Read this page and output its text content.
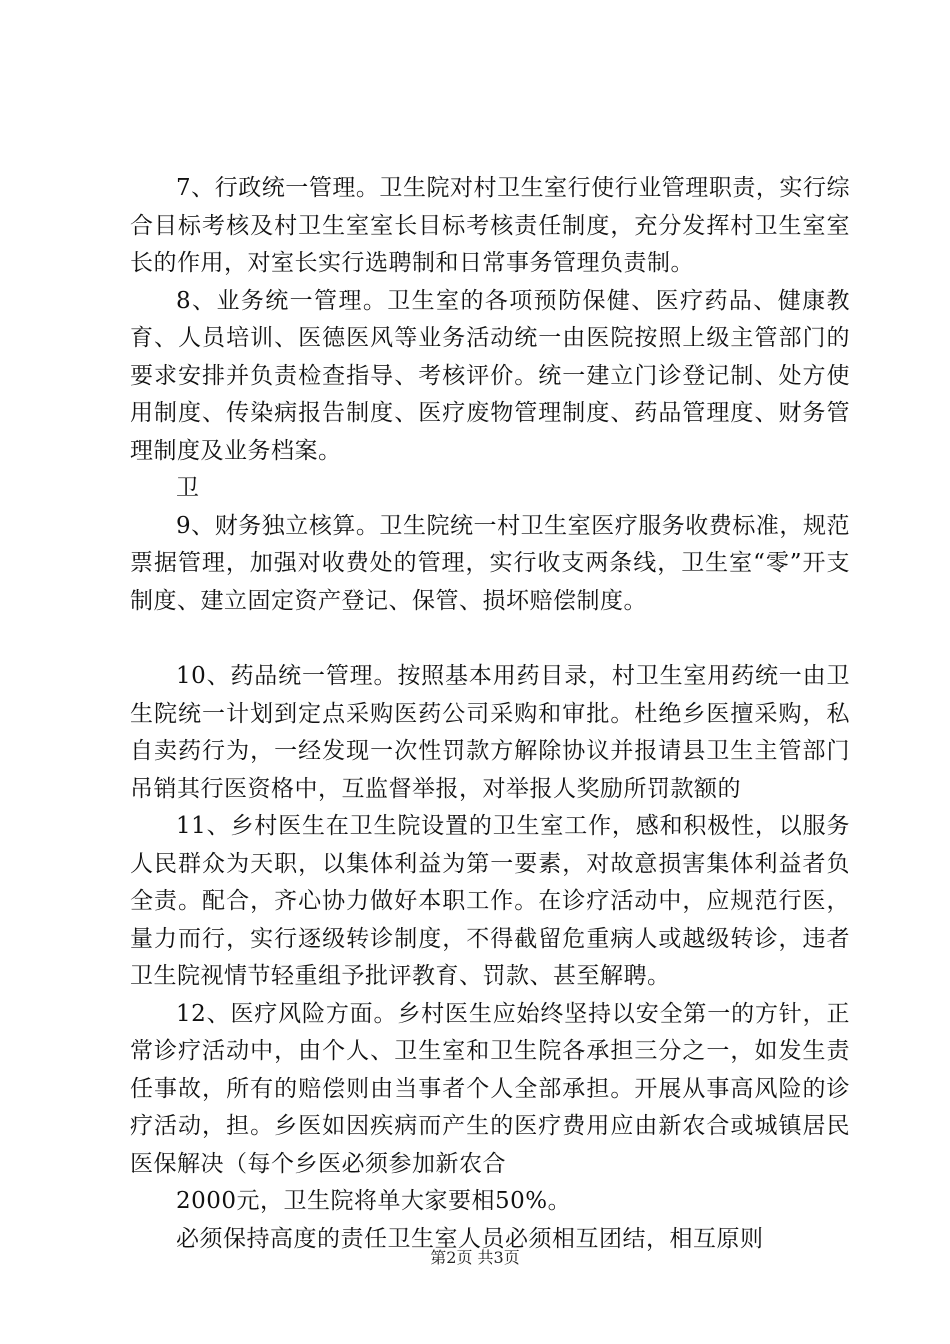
7、行政统一管理。卫生院对村卫生室行使行业管理职责，实行综合目标考核及村卫生室室长目标考核责任制度，充分发挥村卫生室室长的作用，对室长实行选聘制和日常事务管理负责制。

8、业务统一管理。卫生室的各项预防保健、医疗药品、健康教育、人员培训、医德医风等业务活动统一由医院按照上级主管部门的要求安排并负责检查指导、考核评价。统一建立门诊登记制、处方使用制度、传染病报告制度、医疗废物管理制度、药品管理度、财务管理制度及业务档案。

卫

9、财务独立核算。卫生院统一村卫生室医疗服务收费标准，规范票据管理，加强对收费处的管理，实行收支两条线，卫生室“零”开支制度、建立固定资产登记、保管、损坏赔偿制度。

10、药品统一管理。按照基本用药目录，村卫生室用药统一由卫生院统一计划到定点采购医药公司采购和审批。杜绝乡医擅采购，私自卖药行为，一经发现一次性罚款方解除协议并报请县卫生主管部门吊销其行医资格中，互监督举报，对举报人奖励所罚款额的

11、乡村医生在卫生院设置的卫生室工作，感和积极性，以服务人民群众为天职，以集体利益为第一要素，对故意损害集体利益者负全责。配合，齐心协力做好本职工作。在诊疗活动中，应规范行医，量力而行，实行逐级转诊制度，不得截留危重病人或越级转诊，违者卫生院视情节轻重组予批评教育、罚款、甚至解聘。

12、医疗风险方面。乡村医生应始终坚持以安全第一的方针，正常诊疗活动中，由个人、卫生室和卫生院各承担三分之一，如发生责任事故，所有的赔偿则由当事者个人全部承担。开展从事高风险的诊疗活动，担。乡医如因疾病而产生的医疗费用应由新农合或城镇居民医保解决（每个乡医必须参加新农合

2000元，卫生院将单大家要相50%。

必须保持高度的责任卫生室人员必须相互团结，相互原则

第2页 共3页
